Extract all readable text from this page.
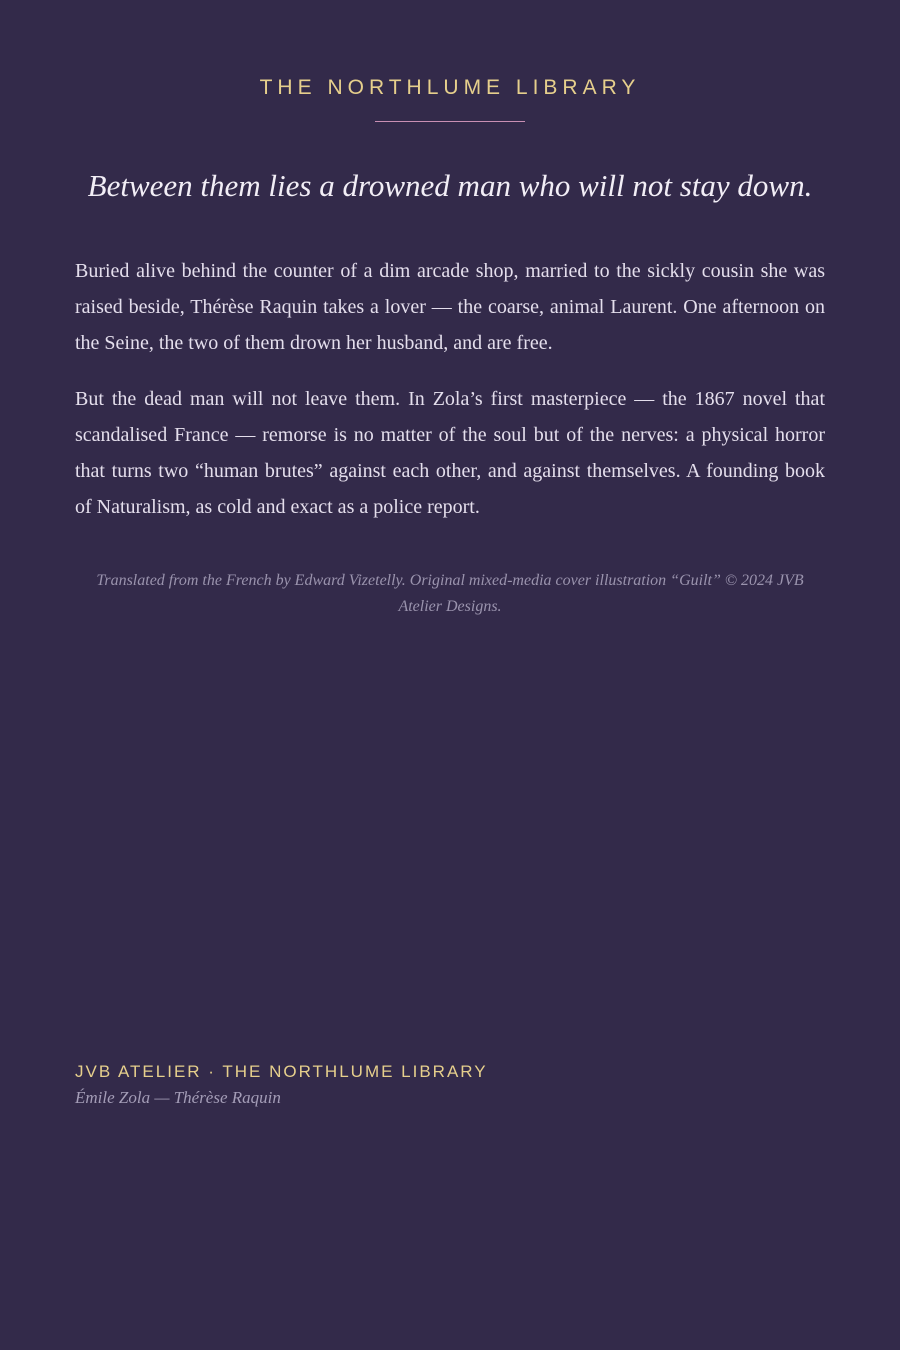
THE NORTHLUME LIBRARY
Between them lies a drowned man who will not stay down.

Buried alive behind the counter of a dim arcade shop, married to the sickly cousin she was raised beside, Thérèse Raquin takes a lover — the coarse, animal Laurent. One afternoon on the Seine, the two of them drown her husband, and are free.

But the dead man will not leave them. In Zola’s first masterpiece — the 1867 novel that scandalised France — remorse is no matter of the soul but of the nerves: a physical horror that turns two “human brutes” against each other, and against themselves. A founding book of Naturalism, as cold and exact as a police report.

Translated from the French by Edward Vizetelly. Original mixed-media cover illustration “Guilt” © 2024 JVB Atelier Designs.
JVB ATELIER · THE NORTHLUME LIBRARY
Émile Zola — Thérèse Raquin
